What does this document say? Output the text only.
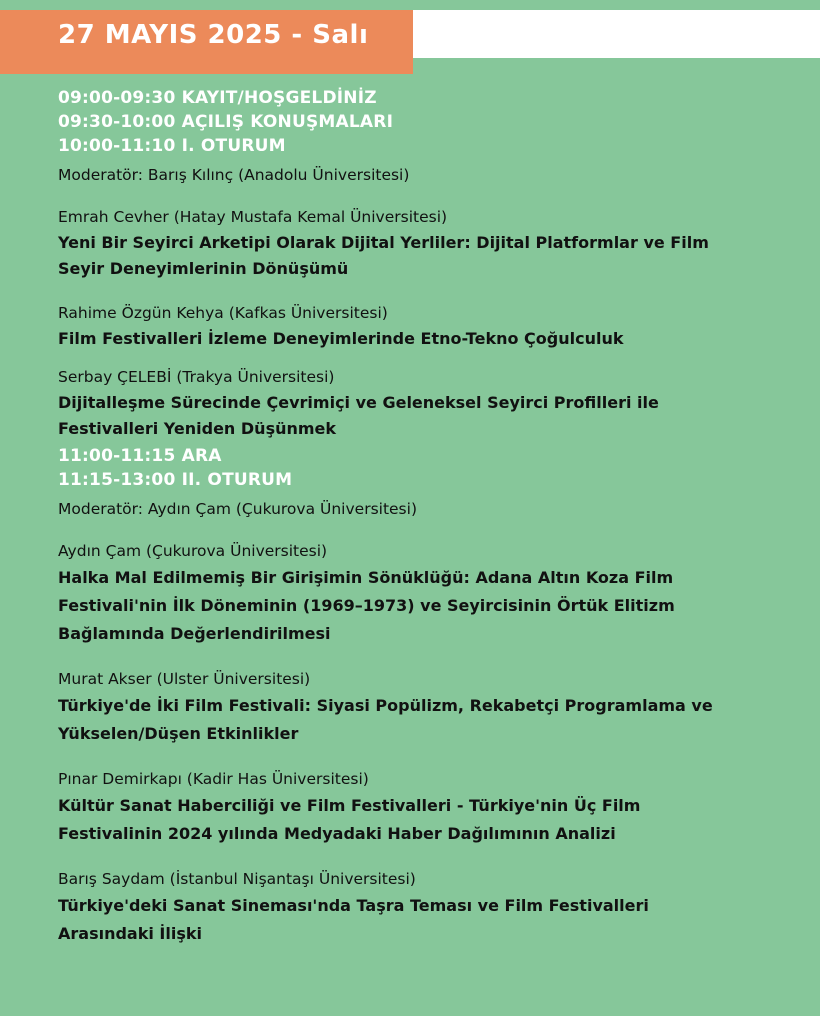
27 MAYIS 2025 - Salı
09:00-09:30 KAYIT/HOŞGELDİNİZ
09:30-10:00 AÇILIŞ KONUŞMALARI
10:00-11:10 I. OTURUM
Moderatör: Barış Kılınç (Anadolu Üniversitesi)
Emrah Cevher (Hatay Mustafa Kemal Üniversitesi)
Yeni Bir Seyirci Arketipi Olarak Dijital Yerliler: Dijital Platformlar ve Film
Seyir Deneyimlerinin Dönüşümü
Rahime Özgün Kehya (Kafkas Üniversitesi)
Film Festivalleri İzleme Deneyimlerinde Etno-Tekno Çoğulculuk
Serbay ÇELEBİ (Trakya Üniversitesi)
Dijitalleşme Sürecinde Çevrimiçi ve Geleneksel Seyirci Profilleri ile
Festivalleri Yeniden Düşünmek
11:00-11:15 ARA
11:15-13:00 II. OTURUM
Moderatör: Aydın Çam (Çukurova Üniversitesi)
Aydın Çam (Çukurova Üniversitesi)
Halka Mal Edilmemiş Bir Girişimin Sönüklüğü: Adana Altın Koza Film
Festivali'nin İlk Döneminin (1969–1973) ve Seyircisinin Örtük Elitizm
Bağlamında Değerlendirilmesi
Murat Akser (Ulster Üniversitesi)
Türkiye'de İki Film Festivali: Siyasi Popülizm, Rekabetçi Programlama ve
Yükselen/Düşen Etkinlikler
Pınar Demirkapı (Kadir Has Üniversitesi)
Kültür Sanat Haberciliği ve Film Festivalleri - Türkiye'nin Üç Film
Festivalinin 2024 yılında Medyadaki Haber Dağılımının Analizi
Barış Saydam (İstanbul Nişantaşı Üniversitesi)
Türkiye'deki Sanat Sineması'nda Taşra Teması ve Film Festivalleri
Arasındaki İlişki
